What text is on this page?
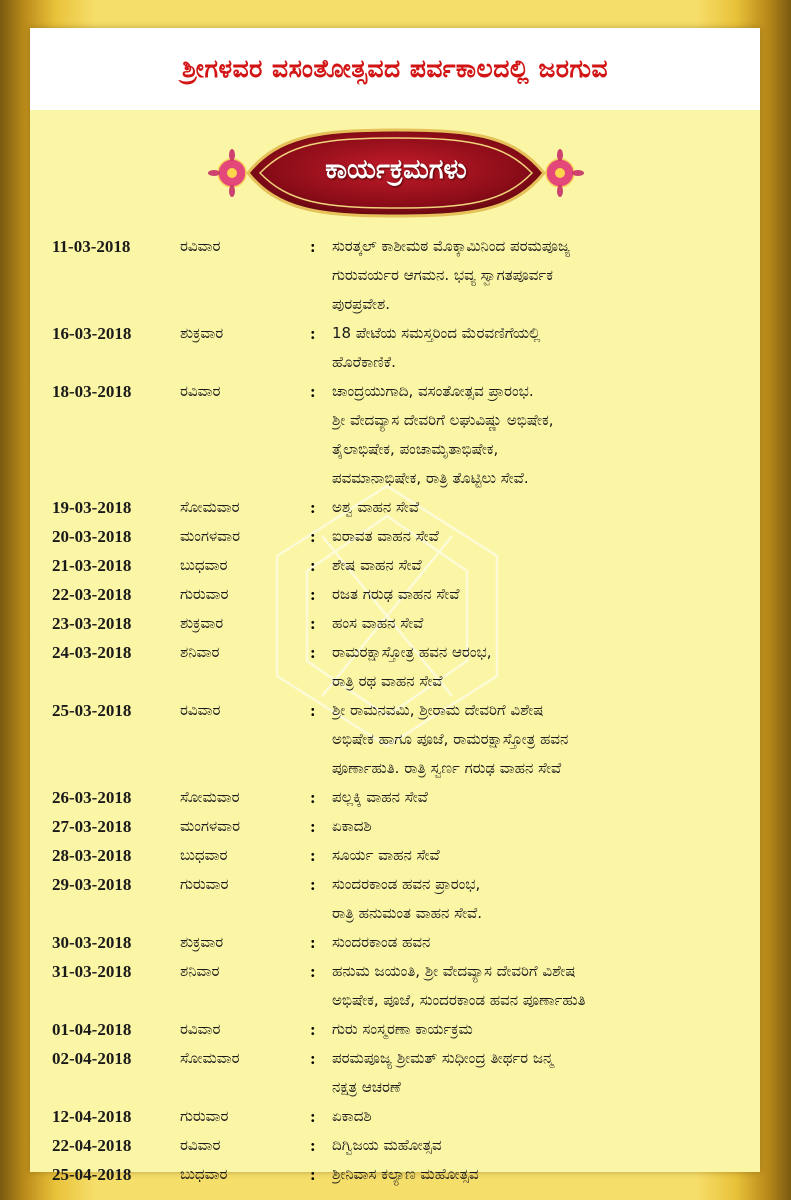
ಶ್ರೀಗಳವರ ವಸಂತೋತ್ಸವದ ಪರ್ವಕಾಲದಲ್ಲಿ ಜರಗುವ
ಕಾರ್ಯಕ್ರಮಗಳು
11-03-2018	ರವಿವಾರ	:	ಸುರತ್ಕಲ್ ಕಾಶೀಮಠ ಮೊಕ್ಕಾಮಿನಿಂದ ಪರಮಪೂಜ್ಯ
ಗುರುವರ್ಯರ ಆಗಮನ. ಭವ್ಯ ಸ್ವಾಗತಪೂರ್ವಕ
ಪುರಪ್ರವೇಶ.
16-03-2018	ಶುಕ್ರವಾರ	:	18 ಪೇಟೆಯ ಸಮಸ್ತರಿಂದ ಮೆರವಣಿಗೆಯಲ್ಲಿ
ಹೊರೆಕಾಣಿಕೆ.
18-03-2018	ರವಿವಾರ	:	ಚಾಂದ್ರಯುಗಾದಿ, ವಸಂತೋತ್ಸವ ಪ್ರಾರಂಭ.
ಶ್ರೀ ವೇದವ್ಯಾಸ ದೇವರಿಗೆ ಲಘುವಿಷ್ಣು ಅಭಿಷೇಕ,
ತೈಲಾಭಿಷೇಕ, ಪಂಚಾಮೃತಾಭಿಷೇಕ,
ಪವಮಾನಾಭಿಷೇಕ, ರಾತ್ರಿ ತೊಟ್ಟಿಲು ಸೇವೆ.
19-03-2018	ಸೋಮವಾರ	:	ಅಶ್ವ ವಾಹನ ಸೇವೆ
20-03-2018	ಮಂಗಳವಾರ	:	ಐರಾವತ ವಾಹನ ಸೇವೆ
21-03-2018	ಬುಧವಾರ	:	ಶೇಷ ವಾಹನ ಸೇವೆ
22-03-2018	ಗುರುವಾರ	:	ರಜತ ಗರುಢ ವಾಹನ ಸೇವೆ
23-03-2018	ಶುಕ್ರವಾರ	:	ಹಂಸ ವಾಹನ ಸೇವೆ
24-03-2018	ಶನಿವಾರ	:	ರಾಮರಕ್ಷಾಸ್ತೋತ್ರ ಹವನ ಆರಂಭ,
ರಾತ್ರಿ ರಥ ವಾಹನ ಸೇವೆ
25-03-2018	ರವಿವಾರ	:	ಶ್ರೀ ರಾಮನವಮಿ, ಶ್ರೀರಾಮ ದೇವರಿಗೆ ವಿಶೇಷ
ಅಭಿಷೇಕ ಹಾಗೂ ಪೂಜೆ, ರಾಮರಕ್ಷಾಸ್ತೋತ್ರ ಹವನ
ಪೂರ್ಣಾಹುತಿ. ರಾತ್ರಿ ಸ್ವರ್ಣ ಗರುಢ ವಾಹನ ಸೇವೆ
26-03-2018	ಸೋಮವಾರ	:	ಪಲ್ಲಕ್ಕಿ ವಾಹನ ಸೇವೆ
27-03-2018	ಮಂಗಳವಾರ	:	ಏಕಾದಶಿ
28-03-2018	ಬುಧವಾರ	:	ಸೂರ್ಯ ವಾಹನ ಸೇವೆ
29-03-2018	ಗುರುವಾರ	:	ಸುಂದರಕಾಂಡ ಹವನ ಪ್ರಾರಂಭ,
ರಾತ್ರಿ ಹನುಮಂತ ವಾಹನ ಸೇವೆ.
30-03-2018	ಶುಕ್ರವಾರ	:	ಸುಂದರಕಾಂಡ ಹವನ
31-03-2018	ಶನಿವಾರ	:	ಹನುಮ ಜಯಂತಿ, ಶ್ರೀ ವೇದವ್ಯಾಸ ದೇವರಿಗೆ ವಿಶೇಷ
ಅಭಿಷೇಕ, ಪೂಜೆ, ಸುಂದರಕಾಂಡ ಹವನ ಪೂರ್ಣಾಹುತಿ
01-04-2018	ರವಿವಾರ	:	ಗುರು ಸಂಸ್ಮರಣಾ ಕಾರ್ಯಕ್ರಮ
02-04-2018	ಸೋಮವಾರ	:	ಪರಮಪೂಜ್ಯ ಶ್ರೀಮತ್ ಸುಧೀಂದ್ರ ತೀರ್ಥರ ಜನ್ಮ
ನಕ್ಷತ್ರ ಆಚರಣೆ
12-04-2018	ಗುರುವಾರ	:	ಏಕಾದಶಿ
22-04-2018	ರವಿವಾರ	:	ದಿಗ್ವಿಜಯ ಮಹೋತ್ಸವ
25-04-2018	ಬುಧವಾರ	:	ಶ್ರೀನಿವಾಸ ಕಲ್ಯಾಣ ಮಹೋತ್ಸವ
